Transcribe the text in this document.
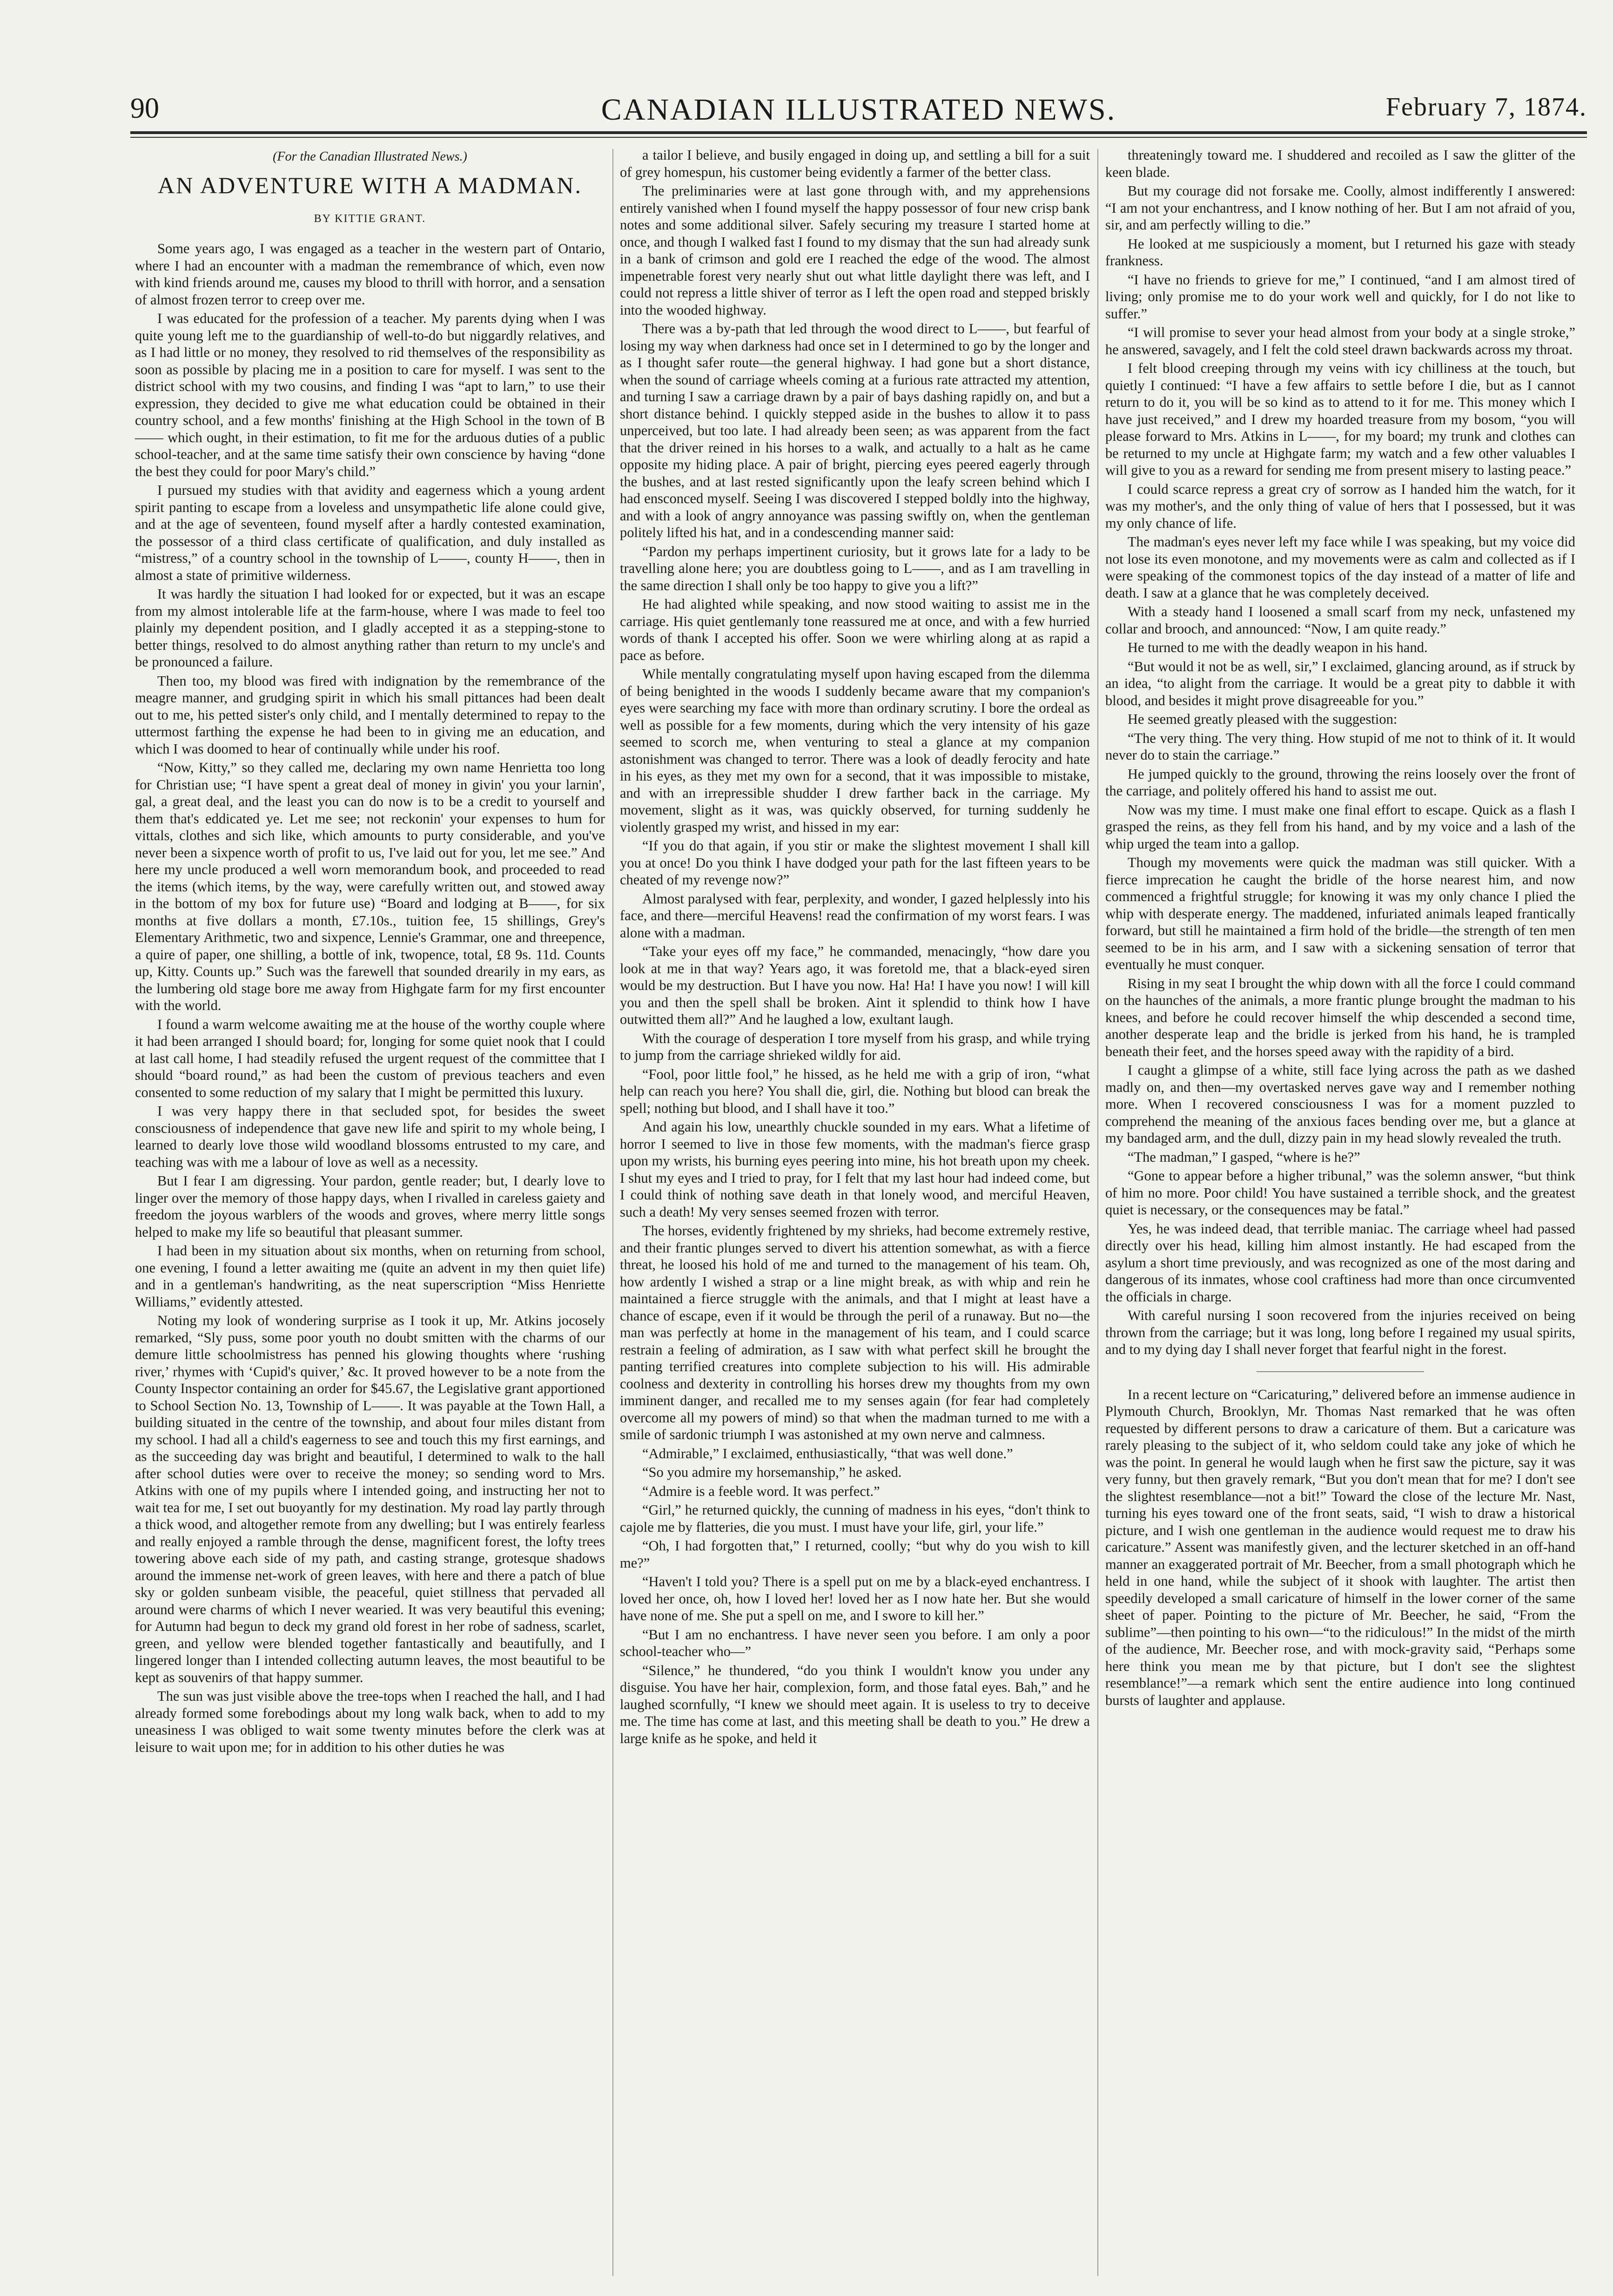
90	CANADIAN ILLUSTRATED NEWS.	February 7, 1874.
(For the Canadian Illustrated News.)
AN ADVENTURE WITH A MADMAN.
BY KITTIE GRANT.

Some years ago, I was engaged as a teacher in the western part of Ontario, where I had an encounter with a madman the remembrance of which, even now with kind friends around me, causes my blood to thrill with horror, and a sensation of almost frozen terror to creep over me.

I was educated for the profession of a teacher. My parents dying when I was quite young left me to the guardianship of well-to-do but niggardly relatives, and as I had little or no money, they resolved to rid themselves of the responsibility as soon as possible by placing me in a position to care for myself. I was sent to the district school with my two cousins, and finding I was “apt to larn,” to use their expression, they decided to give me what education could be obtained in their country school, and a few months' finishing at the High School in the town of B—— which ought, in their estimation, to fit me for the arduous duties of a public school-teacher, and at the same time satisfy their own conscience by having “done the best they could for poor Mary's child.”

I pursued my studies with that avidity and eagerness which a young ardent spirit panting to escape from a loveless and unsympathetic life alone could give, and at the age of seventeen, found myself after a hardly contested examination, the possessor of a third class certificate of qualification, and duly installed as “mistress,” of a country school in the township of L——, county H——, then in almost a state of primitive wilderness.

It was hardly the situation I had looked for or expected, but it was an escape from my almost intolerable life at the farm-house, where I was made to feel too plainly my dependent position, and I gladly accepted it as a stepping-stone to better things, resolved to do almost anything rather than return to my uncle's and be pronounced a failure.

Then too, my blood was fired with indignation by the remembrance of the meagre manner, and grudging spirit in which his small pittances had been dealt out to me, his petted sister's only child, and I mentally determined to repay to the uttermost farthing the expense he had been to in giving me an education, and which I was doomed to hear of continually while under his roof.

“Now, Kitty,” so they called me, declaring my own name Henrietta too long for Christian use; “I have spent a great deal of money in givin' you your larnin', gal, a great deal, and the least you can do now is to be a credit to yourself and them that's eddicated ye. Let me see; not reckonin' your expenses to hum for vittals, clothes and sich like, which amounts to purty considerable, and you've never been a sixpence worth of profit to us, I've laid out for you, let me see.” And here my uncle produced a well worn memorandum book, and proceeded to read the items (which items, by the way, were carefully written out, and stowed away in the bottom of my box for future use) “Board and lodging at B——, for six months at five dollars a month, £7.10s., tuition fee, 15 shillings, Grey's Elementary Arithmetic, two and sixpence, Lennie's Grammar, one and threepence, a quire of paper, one shilling, a bottle of ink, twopence, total, £8 9s. 11d. Counts up, Kitty. Counts up.” Such was the farewell that sounded drearily in my ears, as the lumbering old stage bore me away from Highgate farm for my first encounter with the world.

I found a warm welcome awaiting me at the house of the worthy couple where it had been arranged I should board; for, longing for some quiet nook that I could at last call home, I had steadily refused the urgent request of the committee that I should “board round,” as had been the custom of previous teachers and even consented to some reduction of my salary that I might be permitted this luxury.

I was very happy there in that secluded spot, for besides the sweet consciousness of independence that gave new life and spirit to my whole being, I learned to dearly love those wild woodland blossoms entrusted to my care, and teaching was with me a labour of love as well as a necessity.

But I fear I am digressing. Your pardon, gentle reader; but, I dearly love to linger over the memory of those happy days, when I rivalled in careless gaiety and freedom the joyous warblers of the woods and groves, where merry little songs helped to make my life so beautiful that pleasant summer.

I had been in my situation about six months, when on returning from school, one evening, I found a letter awaiting me (quite an advent in my then quiet life) and in a gentleman's handwriting, as the neat superscription “Miss Henriette Williams,” evidently attested.

Noting my look of wondering surprise as I took it up, Mr. Atkins jocosely remarked, “Sly puss, some poor youth no doubt smitten with the charms of our demure little schoolmistress has penned his glowing thoughts where ‘rushing river,’ rhymes with ‘Cupid's quiver,’ &c. It proved however to be a note from the County Inspector containing an order for $45.67, the Legislative grant apportioned to School Section No. 13, Township of L——. It was payable at the Town Hall, a building situated in the centre of the township, and about four miles distant from my school. I had all a child's eagerness to see and touch this my first earnings, and as the succeeding day was bright and beautiful, I determined to walk to the hall after school duties were over to receive the money; so sending word to Mrs. Atkins with one of my pupils where I intended going, and instructing her not to wait tea for me, I set out buoyantly for my destination. My road lay partly through a thick wood, and altogether remote from any dwelling; but I was entirely fearless and really enjoyed a ramble through the dense, magnificent forest, the lofty trees towering above each side of my path, and casting strange, grotesque shadows around the immense net-work of green leaves, with here and there a patch of blue sky or golden sunbeam visible, the peaceful, quiet stillness that pervaded all around were charms of which I never wearied. It was very beautiful this evening; for Autumn had begun to deck my grand old forest in her robe of sadness, scarlet, green, and yellow were blended together fantastically and beautifully, and I lingered longer than I intended collecting autumn leaves, the most beautiful to be kept as souvenirs of that happy summer.

The sun was just visible above the tree-tops when I reached the hall, and I had already formed some forebodings about my long walk back, when to add to my uneasiness I was obliged to wait some twenty minutes before the clerk was at leisure to wait upon me; for in addition to his other duties he was

a tailor I believe, and busily engaged in doing up, and settling a bill for a suit of grey homespun, his customer being evidently a farmer of the better class.

The preliminaries were at last gone through with, and my apprehensions entirely vanished when I found myself the happy possessor of four new crisp bank notes and some additional silver. Safely securing my treasure I started home at once, and though I walked fast I found to my dismay that the sun had already sunk in a bank of crimson and gold ere I reached the edge of the wood. The almost impenetrable forest very nearly shut out what little daylight there was left, and I could not repress a little shiver of terror as I left the open road and stepped briskly into the wooded highway.

There was a by-path that led through the wood direct to L——, but fearful of losing my way when darkness had once set in I determined to go by the longer and as I thought safer route—the general highway. I had gone but a short distance, when the sound of carriage wheels coming at a furious rate attracted my attention, and turning I saw a carriage drawn by a pair of bays dashing rapidly on, and but a short distance behind. I quickly stepped aside in the bushes to allow it to pass unperceived, but too late. I had already been seen; as was apparent from the fact that the driver reined in his horses to a walk, and actually to a halt as he came opposite my hiding place. A pair of bright, piercing eyes peered eagerly through the bushes, and at last rested significantly upon the leafy screen behind which I had ensconced myself. Seeing I was discovered I stepped boldly into the highway, and with a look of angry annoyance was passing swiftly on, when the gentleman politely lifted his hat, and in a condescending manner said:

“Pardon my perhaps impertinent curiosity, but it grows late for a lady to be travelling alone here; you are doubtless going to L——, and as I am travelling in the same direction I shall only be too happy to give you a lift?”

He had alighted while speaking, and now stood waiting to assist me in the carriage. His quiet gentlemanly tone reassured me at once, and with a few hurried words of thank I accepted his offer. Soon we were whirling along at as rapid a pace as before.

While mentally congratulating myself upon having escaped from the dilemma of being benighted in the woods I suddenly became aware that my companion's eyes were searching my face with more than ordinary scrutiny. I bore the ordeal as well as possible for a few moments, during which the very intensity of his gaze seemed to scorch me, when venturing to steal a glance at my companion astonishment was changed to terror. There was a look of deadly ferocity and hate in his eyes, as they met my own for a second, that it was impossible to mistake, and with an irrepressible shudder I drew farther back in the carriage. My movement, slight as it was, was quickly observed, for turning suddenly he violently grasped my wrist, and hissed in my ear:

“If you do that again, if you stir or make the slightest movement I shall kill you at once! Do you think I have dodged your path for the last fifteen years to be cheated of my revenge now?”

Almost paralysed with fear, perplexity, and wonder, I gazed helplessly into his face, and there—merciful Heavens! read the confirmation of my worst fears. I was alone with a madman.

“Take your eyes off my face,” he commanded, menacingly, “how dare you look at me in that way? Years ago, it was foretold me, that a black-eyed siren would be my destruction. But I have you now. Ha! Ha! I have you now! I will kill you and then the spell shall be broken. Aint it splendid to think how I have outwitted them all?” And he laughed a low, exultant laugh.

With the courage of desperation I tore myself from his grasp, and while trying to jump from the carriage shrieked wildly for aid.

“Fool, poor little fool,” he hissed, as he held me with a grip of iron, “what help can reach you here? You shall die, girl, die. Nothing but blood can break the spell; nothing but blood, and I shall have it too.”

And again his low, unearthly chuckle sounded in my ears. What a lifetime of horror I seemed to live in those few moments, with the madman's fierce grasp upon my wrists, his burning eyes peering into mine, his hot breath upon my cheek. I shut my eyes and I tried to pray, for I felt that my last hour had indeed come, but I could think of nothing save death in that lonely wood, and merciful Heaven, such a death! My very senses seemed frozen with terror.

The horses, evidently frightened by my shrieks, had become extremely restive, and their frantic plunges served to divert his attention somewhat, as with a fierce threat, he loosed his hold of me and turned to the management of his team. Oh, how ardently I wished a strap or a line might break, as with whip and rein he maintained a fierce struggle with the animals, and that I might at least have a chance of escape, even if it would be through the peril of a runaway. But no—the man was perfectly at home in the management of his team, and I could scarce restrain a feeling of admiration, as I saw with what perfect skill he brought the panting terrified creatures into complete subjection to his will. His admirable coolness and dexterity in controlling his horses drew my thoughts from my own imminent danger, and recalled me to my senses again (for fear had completely overcome all my powers of mind) so that when the madman turned to me with a smile of sardonic triumph I was astonished at my own nerve and calmness.

“Admirable,” I exclaimed, enthusiastically, “that was well done.”

“So you admire my horsemanship,” he asked.

“Admire is a feeble word. It was perfect.”

“Girl,” he returned quickly, the cunning of madness in his eyes, “don't think to cajole me by flatteries, die you must. I must have your life, girl, your life.”

“Oh, I had forgotten that,” I returned, coolly; “but why do you wish to kill me?”

“Haven't I told you? There is a spell put on me by a black-eyed enchantress. I loved her once, oh, how I loved her! loved her as I now hate her. But she would have none of me. She put a spell on me, and I swore to kill her.”

“But I am no enchantress. I have never seen you before. I am only a poor school-teacher who—”

“Silence,” he thundered, “do you think I wouldn't know you under any disguise. You have her hair, complexion, form, and those fatal eyes. Bah,” and he laughed scornfully, “I knew we should meet again. It is useless to try to deceive me. The time has come at last, and this meeting shall be death to you.” He drew a large knife as he spoke, and held it

threateningly toward me. I shuddered and recoiled as I saw the glitter of the keen blade.

But my courage did not forsake me. Coolly, almost indifferently I answered: “I am not your enchantress, and I know nothing of her. But I am not afraid of you, sir, and am perfectly willing to die.”

He looked at me suspiciously a moment, but I returned his gaze with steady frankness.

“I have no friends to grieve for me,” I continued, “and I am almost tired of living; only promise me to do your work well and quickly, for I do not like to suffer.”

“I will promise to sever your head almost from your body at a single stroke,” he answered, savagely, and I felt the cold steel drawn backwards across my throat.

I felt blood creeping through my veins with icy chilliness at the touch, but quietly I continued: “I have a few affairs to settle before I die, but as I cannot return to do it, you will be so kind as to attend to it for me. This money which I have just received,” and I drew my hoarded treasure from my bosom, “you will please forward to Mrs. Atkins in L——, for my board; my trunk and clothes can be returned to my uncle at Highgate farm; my watch and a few other valuables I will give to you as a reward for sending me from present misery to lasting peace.”

I could scarce repress a great cry of sorrow as I handed him the watch, for it was my mother's, and the only thing of value of hers that I possessed, but it was my only chance of life.

The madman's eyes never left my face while I was speaking, but my voice did not lose its even monotone, and my movements were as calm and collected as if I were speaking of the commonest topics of the day instead of a matter of life and death. I saw at a glance that he was completely deceived.

With a steady hand I loosened a small scarf from my neck, unfastened my collar and brooch, and announced: “Now, I am quite ready.”

He turned to me with the deadly weapon in his hand.

“But would it not be as well, sir,” I exclaimed, glancing around, as if struck by an idea, “to alight from the carriage. It would be a great pity to dabble it with blood, and besides it might prove disagreeable for you.”

He seemed greatly pleased with the suggestion:

“The very thing. The very thing. How stupid of me not to think of it. It would never do to stain the carriage.”

He jumped quickly to the ground, throwing the reins loosely over the front of the carriage, and politely offered his hand to assist me out.

Now was my time. I must make one final effort to escape. Quick as a flash I grasped the reins, as they fell from his hand, and by my voice and a lash of the whip urged the team into a gallop.

Though my movements were quick the madman was still quicker. With a fierce imprecation he caught the bridle of the horse nearest him, and now commenced a frightful struggle; for knowing it was my only chance I plied the whip with desperate energy. The maddened, infuriated animals leaped frantically forward, but still he maintained a firm hold of the bridle—the strength of ten men seemed to be in his arm, and I saw with a sickening sensation of terror that eventually he must conquer.

Rising in my seat I brought the whip down with all the force I could command on the haunches of the animals, a more frantic plunge brought the madman to his knees, and before he could recover himself the whip descended a second time, another desperate leap and the bridle is jerked from his hand, he is trampled beneath their feet, and the horses speed away with the rapidity of a bird.

I caught a glimpse of a white, still face lying across the path as we dashed madly on, and then—my overtasked nerves gave way and I remember nothing more. When I recovered consciousness I was for a moment puzzled to comprehend the meaning of the anxious faces bending over me, but a glance at my bandaged arm, and the dull, dizzy pain in my head slowly revealed the truth.

“The madman,” I gasped, “where is he?”

“Gone to appear before a higher tribunal,” was the solemn answer, “but think of him no more. Poor child! You have sustained a terrible shock, and the greatest quiet is necessary, or the consequences may be fatal.”

Yes, he was indeed dead, that terrible maniac. The carriage wheel had passed directly over his head, killing him almost instantly. He had escaped from the asylum a short time previously, and was recognized as one of the most daring and dangerous of its inmates, whose cool craftiness had more than once circumvented the officials in charge.

With careful nursing I soon recovered from the injuries received on being thrown from the carriage; but it was long, long before I regained my usual spirits, and to my dying day I shall never forget that fearful night in the forest.

In a recent lecture on “Caricaturing,” delivered before an immense audience in Plymouth Church, Brooklyn, Mr. Thomas Nast remarked that he was often requested by different persons to draw a caricature of them. But a caricature was rarely pleasing to the subject of it, who seldom could take any joke of which he was the point. In general he would laugh when he first saw the picture, say it was very funny, but then gravely remark, “But you don't mean that for me? I don't see the slightest resemblance—not a bit!” Toward the close of the lecture Mr. Nast, turning his eyes toward one of the front seats, said, “I wish to draw a historical picture, and I wish one gentleman in the audience would request me to draw his caricature.” Assent was manifestly given, and the lecturer sketched in an off-hand manner an exaggerated portrait of Mr. Beecher, from a small photograph which he held in one hand, while the subject of it shook with laughter. The artist then speedily developed a small caricature of himself in the lower corner of the same sheet of paper. Pointing to the picture of Mr. Beecher, he said, “From the sublime”—then pointing to his own—“to the ridiculous!” In the midst of the mirth of the audience, Mr. Beecher rose, and with mock-gravity said, “Perhaps some here think you mean me by that picture, but I don't see the slightest resemblance!”—a remark which sent the entire audience into long continued bursts of laughter and applause.
